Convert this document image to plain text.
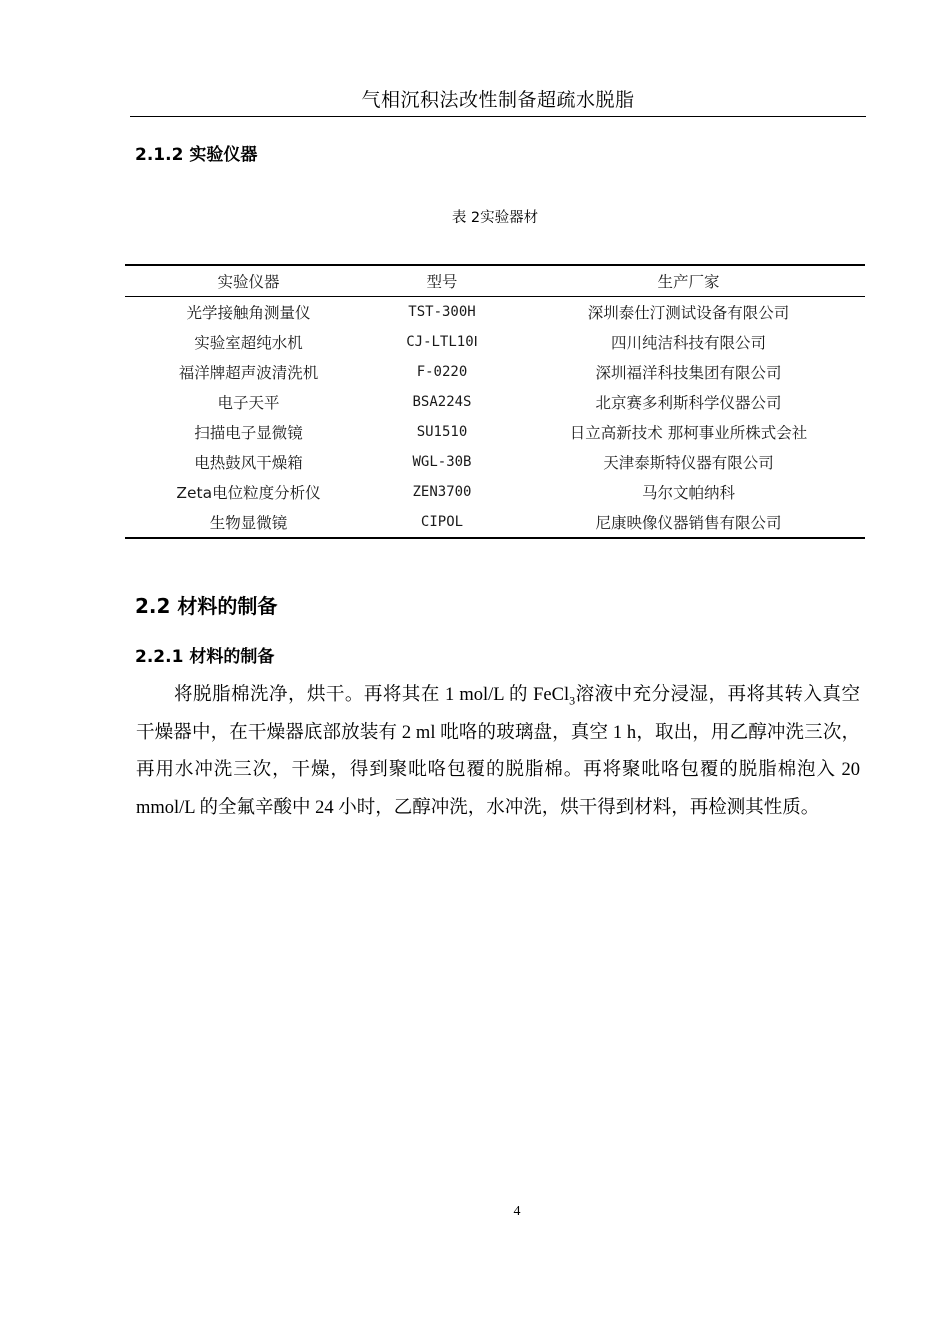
气相沉积法改性制备超疏水脱脂
2.1.2 实验仪器
表 2实验器材
实验仪器	型号	生产厂家
光学接触角测量仪	TST-300H	深圳泰仕汀测试设备有限公司
实验室超纯水机	CJ-LTL10Ⅰ	四川纯洁科技有限公司
福洋牌超声波清洗机	F-0220	深圳福洋科技集团有限公司
电子天平	BSA224S	北京赛多利斯科学仪器公司
扫描电子显微镜	SU1510	日立高新技术 那柯事业所株式会社
电热鼓风干燥箱	WGL-30B	天津泰斯特仪器有限公司
Zeta电位粒度分析仪	ZEN3700	马尔文帕纳科
生物显微镜	CIPOL	尼康映像仪器销售有限公司
2.2 材料的制备
2.2.1 材料的制备

将脱脂棉洗净，烘干。再将其在 1 mol/L 的 FeCl$_3$溶液中充分浸湿，再将其转入真空干燥器中，在干燥器底部放装有 2 ml 吡咯的玻璃盘，真空 1 h，取出，用乙醇冲洗三次，再用水冲洗三次，干燥，得到聚吡咯包覆的脱脂棉。再将聚吡咯包覆的脱脂棉泡入 20 mmol/L 的全氟辛酸中 24 小时，乙醇冲洗，水冲洗，烘干得到材料，再检测其性质。

4
